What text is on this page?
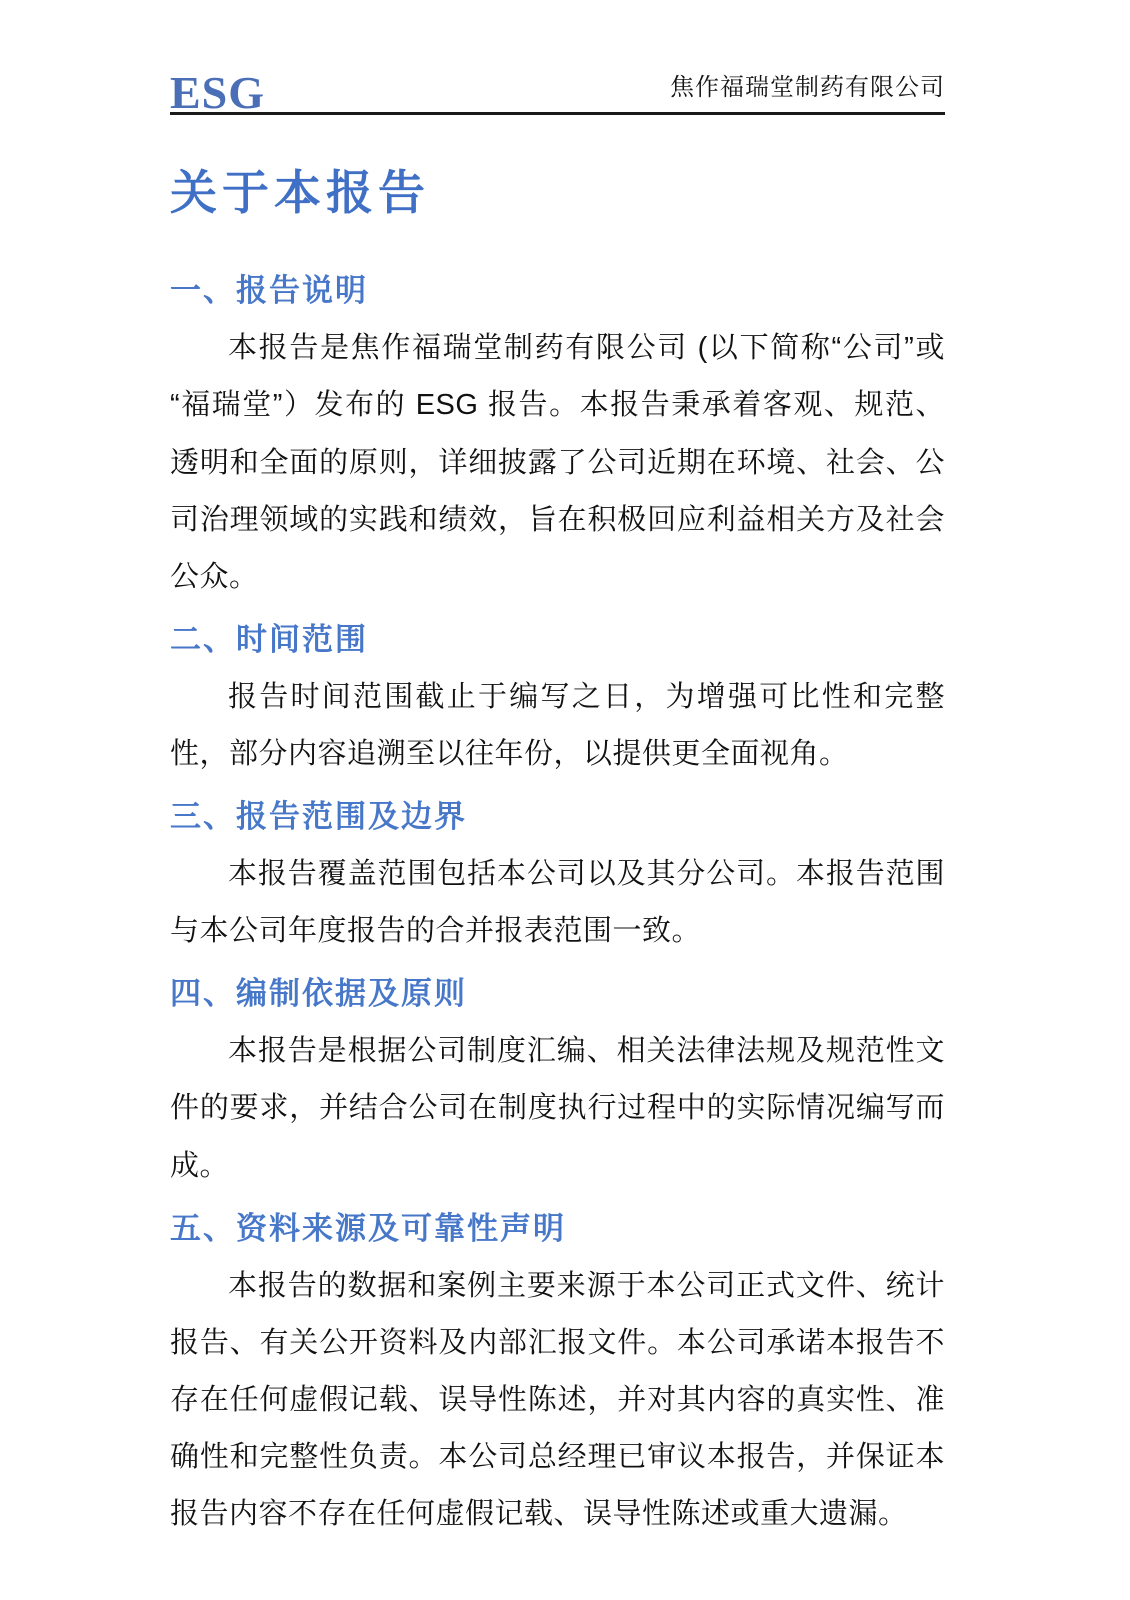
ESG	焦作福瑞堂制药有限公司
关于本报告
一、报告说明

本报告是焦作福瑞堂制药有限公司 (以下简称“公司”或 “福瑞堂”）发布的 ESG 报告。本报告秉承着客观、规范、透明和全面的原则，详细披露了公司近期在环境、社会、公司治理领域的实践和绩效，旨在积极回应利益相关方及社会公众。

二、时间范围

报告时间范围截止于编写之日，为增强可比性和完整性，部分内容追溯至以往年份，以提供更全面视角。

三、报告范围及边界

本报告覆盖范围包括本公司以及其分公司。本报告范围与本公司年度报告的合并报表范围一致。

四、编制依据及原则

本报告是根据公司制度汇编、相关法律法规及规范性文件的要求，并结合公司在制度执行过程中的实际情况编写而成。

五、资料来源及可靠性声明

本报告的数据和案例主要来源于本公司正式文件、统计报告、有关公开资料及内部汇报文件。本公司承诺本报告不存在任何虚假记载、误导性陈述，并对其内容的真实性、准确性和完整性负责。本公司总经理已审议本报告，并保证本报告内容不存在任何虚假记载、误导性陈述或重大遗漏。
